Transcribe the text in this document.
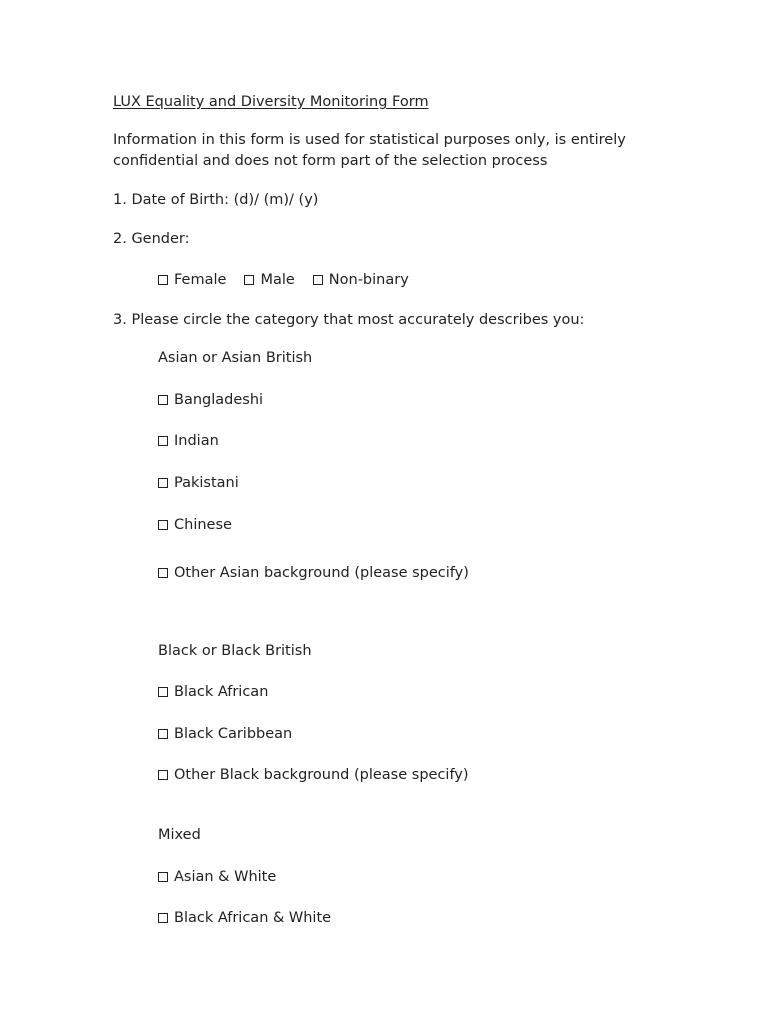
LUX Equality and Diversity Monitoring Form
Information in this form is used for statistical purposes only, is entirely
confidential and does not form part of the selection process
1. Date of Birth: (d)/ (m)/ (y)
2. Gender:
Female Male Non-binary
3. Please circle the category that most accurately describes you:
Asian or Asian British
Bangladeshi
Indian
Pakistani
Chinese
Other Asian background (please specify)
Black or Black British
Black African
Black Caribbean
Other Black background (please specify)
Mixed
Asian & White
Black African & White
